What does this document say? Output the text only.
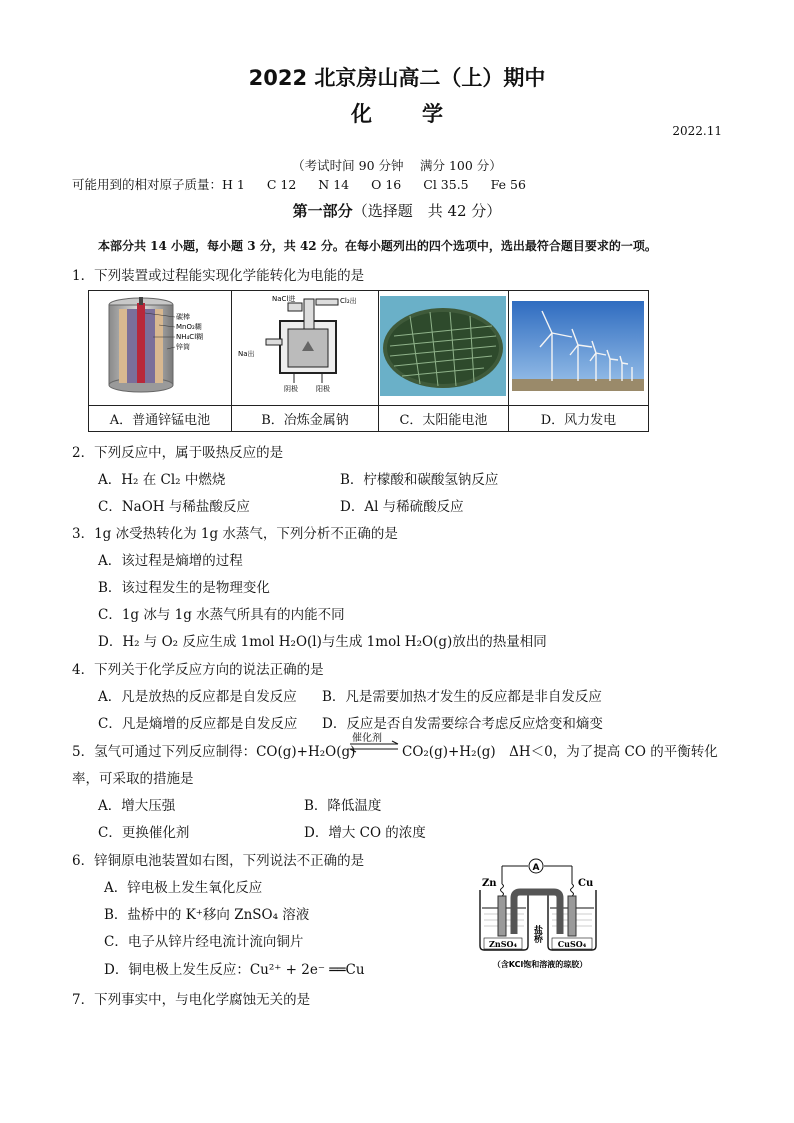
2022 北京房山高二（上）期中
化学
2022.11
（考试时间 90 分钟　 满分 100 分）
可能用到的相对原子质量：H 1 C 12 N 14 O 16 Cl 35.5 Fe 56
第一部分（选择题　共 42 分）
本部分共 14 小题，每小题 3 分，共 42 分。在每小题列出的四个选项中，选出最符合题目要求的一项。
1．下列装置或过程能实现化学能转化为电能的是
碳棒
MnO₂糊
NH₄Cl糊
锌筒	NaCl进 Cl₂出
Na出
阴极 阳极

A．普通锌锰电池	B．冶炼金属钠	C．太阳能电池	D．风力发电
2．下列反应中，属于吸热反应的是
A．H₂ 在 Cl₂ 中燃烧	B．柠檬酸和碳酸氢钠反应
C．NaOH 与稀盐酸反应	D．Al 与稀硫酸反应
3．1g 冰受热转化为 1g 水蒸气，下列分析不正确的是
A．该过程是熵增的过程
B．该过程发生的是物理变化
C．1g 冰与 1g 水蒸气所具有的内能不同
D．H₂ 与 O₂ 反应生成 1mol H₂O(l)与生成 1mol H₂O(g)放出的热量相同
4．下列关于化学反应方向的说法正确的是
A．凡是放热的反应都是自发反应 B．凡是需要加热才发生的反应都是非自发反应
C．凡是熵增的反应都是自发反应 D．反应是否自发需要综合考虑反应焓变和熵变
5．氢气可通过下列反应制得：CO(g)+H₂O(g)
催化剂
⇌ CO₂(g)+H₂(g)　ΔH＜0，为了提高 CO 的平衡转化
率，可采取的措施是
A．增大压强	B．降低温度
C．更换催化剂	D．增大 CO 的浓度
6．锌铜原电池装置如右图，下列说法不正确的是
A．锌电极上发生氧化反应
B．盐桥中的 K⁺移向 ZnSO₄ 溶液
C．电子从锌片经电流计流向铜片
D．铜电极上发生反应：Cu²⁺ + 2e⁻ ══Cu
A
Zn	Cu
ZnSO₄	CuSO₄
盐桥
（含KCl饱和溶液的琼胶）
7．下列事实中，与电化学腐蚀无关的是
